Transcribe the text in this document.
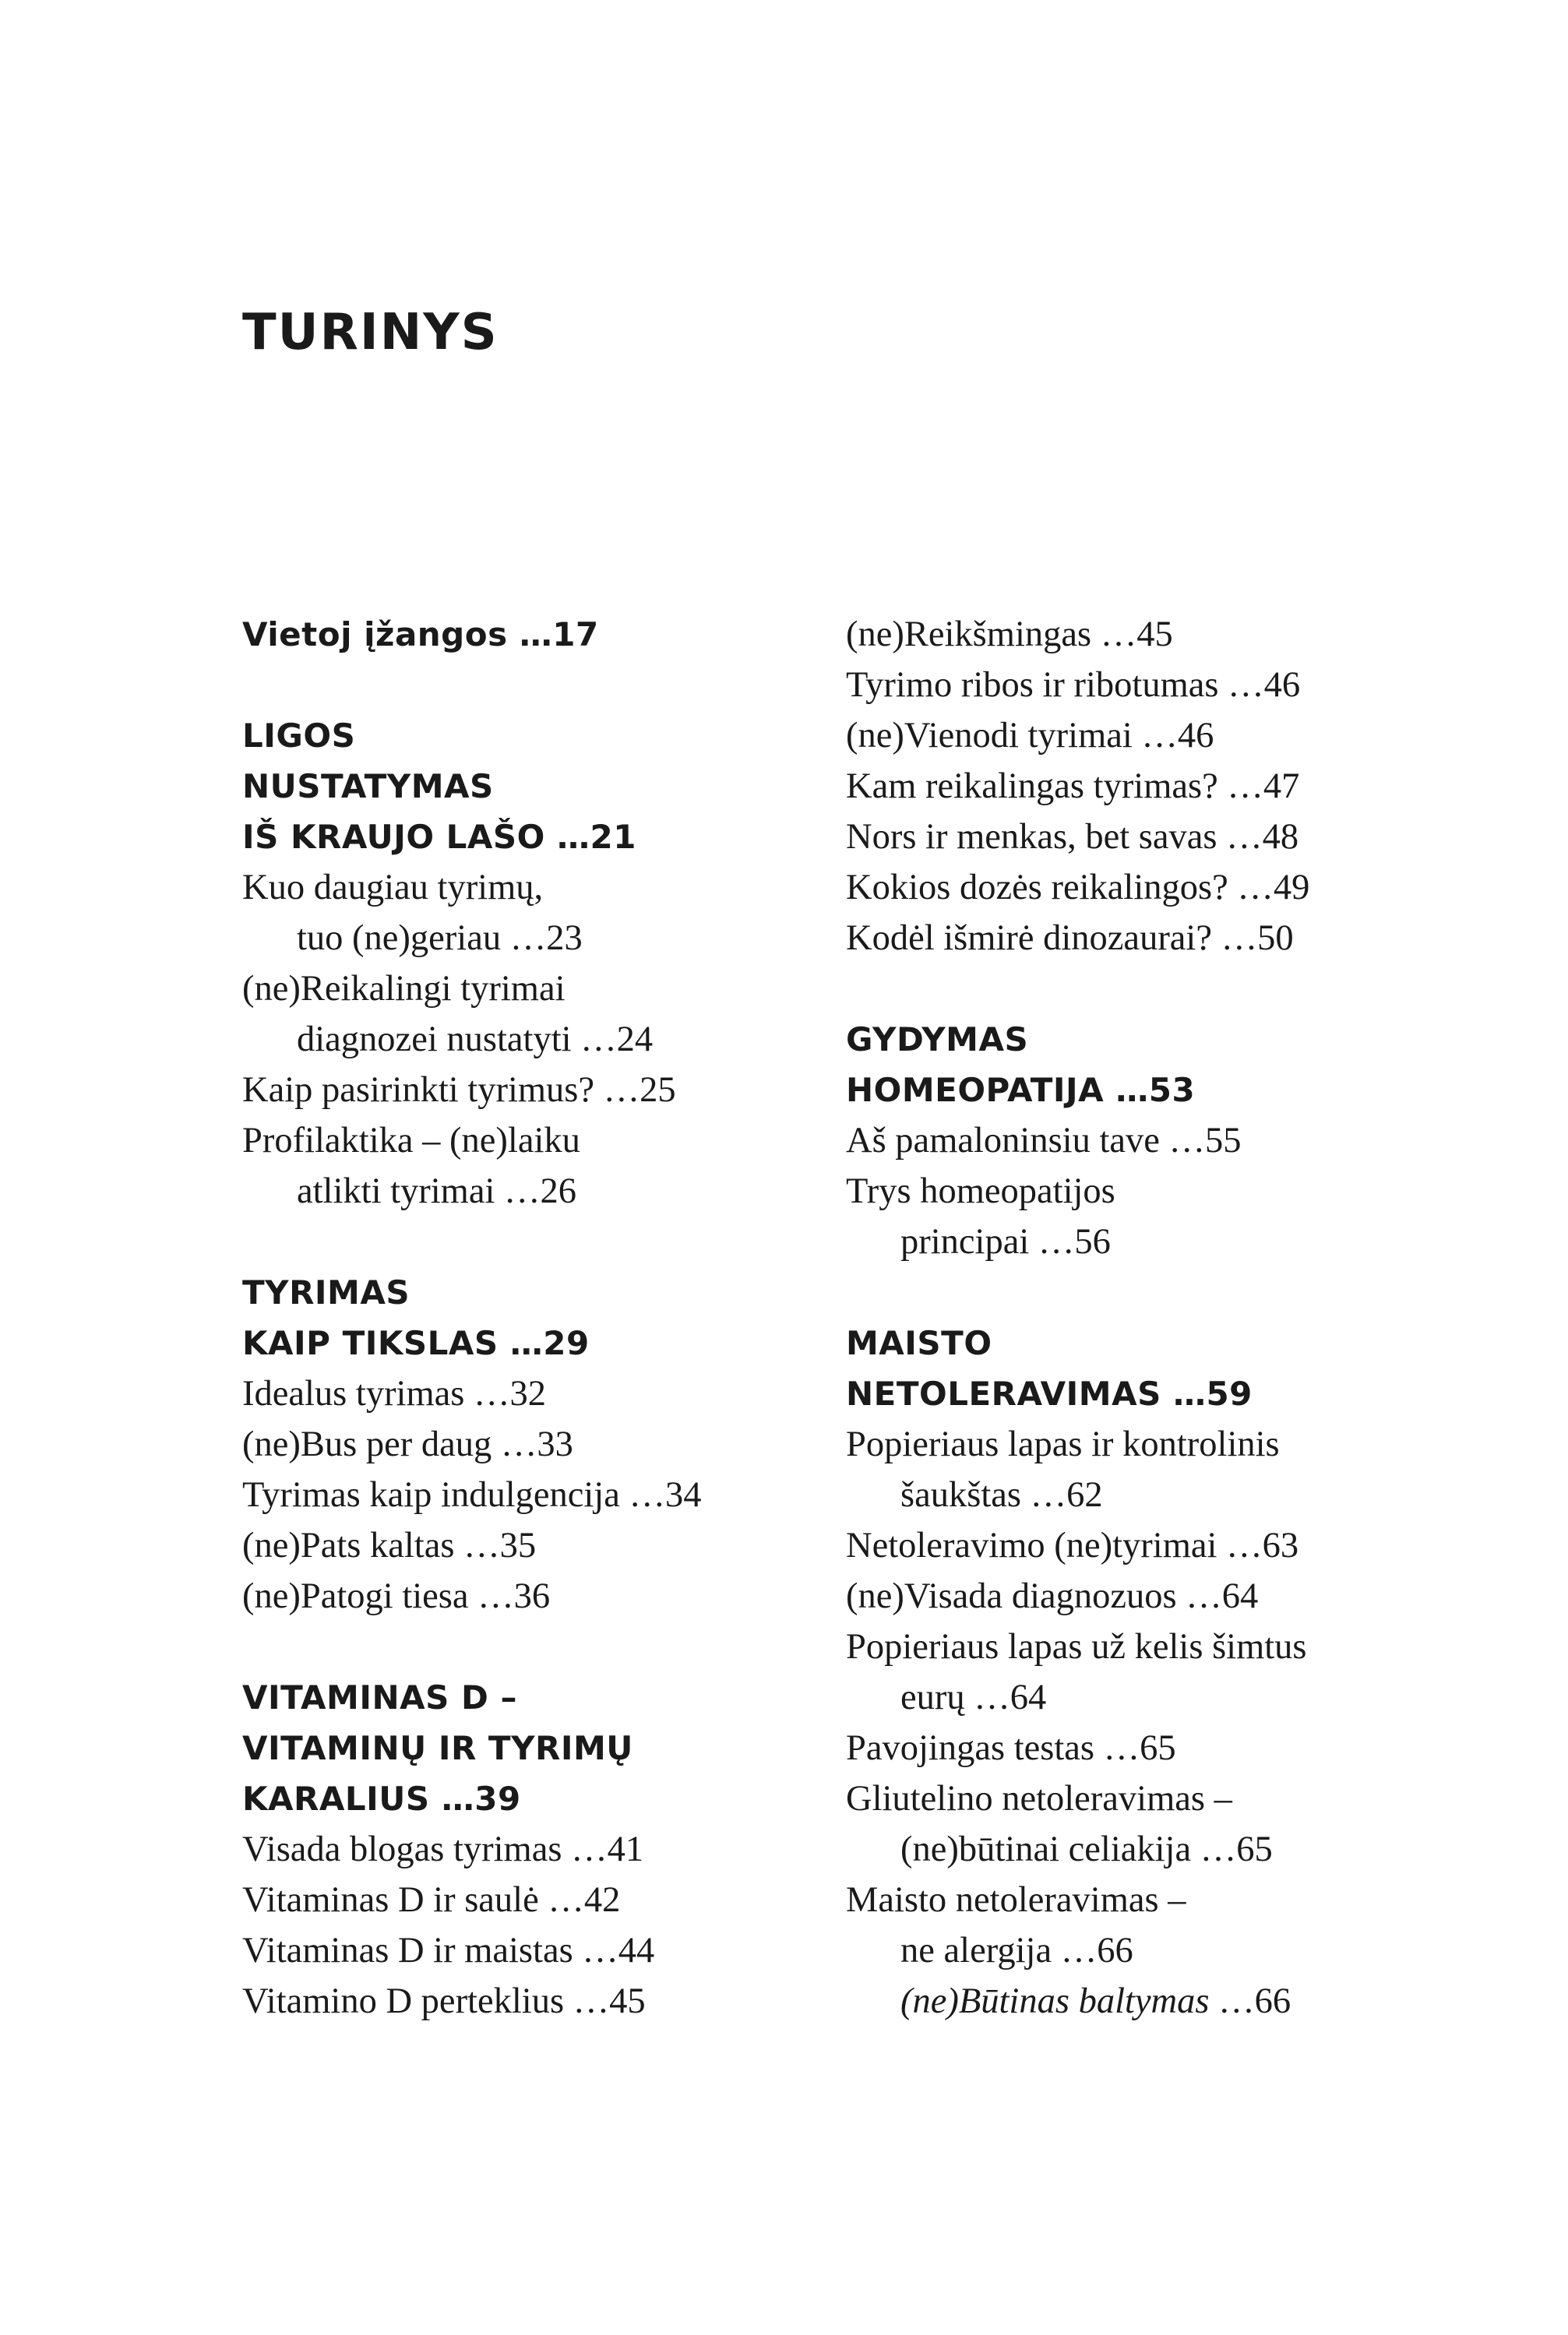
TURINYS
Vietoj įžangos …17
LIGOS
NUSTATYMAS
IŠ KRAUJO LAŠO …21
Kuo daugiau tyrimų,
tuo (ne)geriau …23
(ne)Reikalingi tyrimai
diagnozei nustatyti …24
Kaip pasirinkti tyrimus? …25
Profilaktika – (ne)laiku
atlikti tyrimai …26
TYRIMAS
KAIP TIKSLAS …29
Idealus tyrimas …32
(ne)Bus per daug …33
Tyrimas kaip indulgencija …34
(ne)Pats kaltas …35
(ne)Patogi tiesa …36
VITAMINAS D –
VITAMINŲ IR TYRIMŲ
KARALIUS …39
Visada blogas tyrimas …41
Vitaminas D ir saulė …42
Vitaminas D ir maistas …44
Vitamino D perteklius …45
(ne)Reikšmingas …45
Tyrimo ribos ir ribotumas …46
(ne)Vienodi tyrimai …46
Kam reikalingas tyrimas? …47
Nors ir menkas, bet savas …48
Kokios dozės reikalingos? …49
Kodėl išmirė dinozaurai? …50
GYDYMAS
HOMEOPATIJA …53
Aš pamaloninsiu tave …55
Trys homeopatijos
principai …56
MAISTO
NETOLERAVIMAS …59
Popieriaus lapas ir kontrolinis
šaukštas …62
Netoleravimo (ne)tyrimai …63
(ne)Visada diagnozuos …64
Popieriaus lapas už kelis šimtus
eurų …64
Pavojingas testas …65
Gliutelino netoleravimas –
(ne)būtinai celiakija …65
Maisto netoleravimas –
ne alergija …66
(ne)Būtinas baltymas …66
